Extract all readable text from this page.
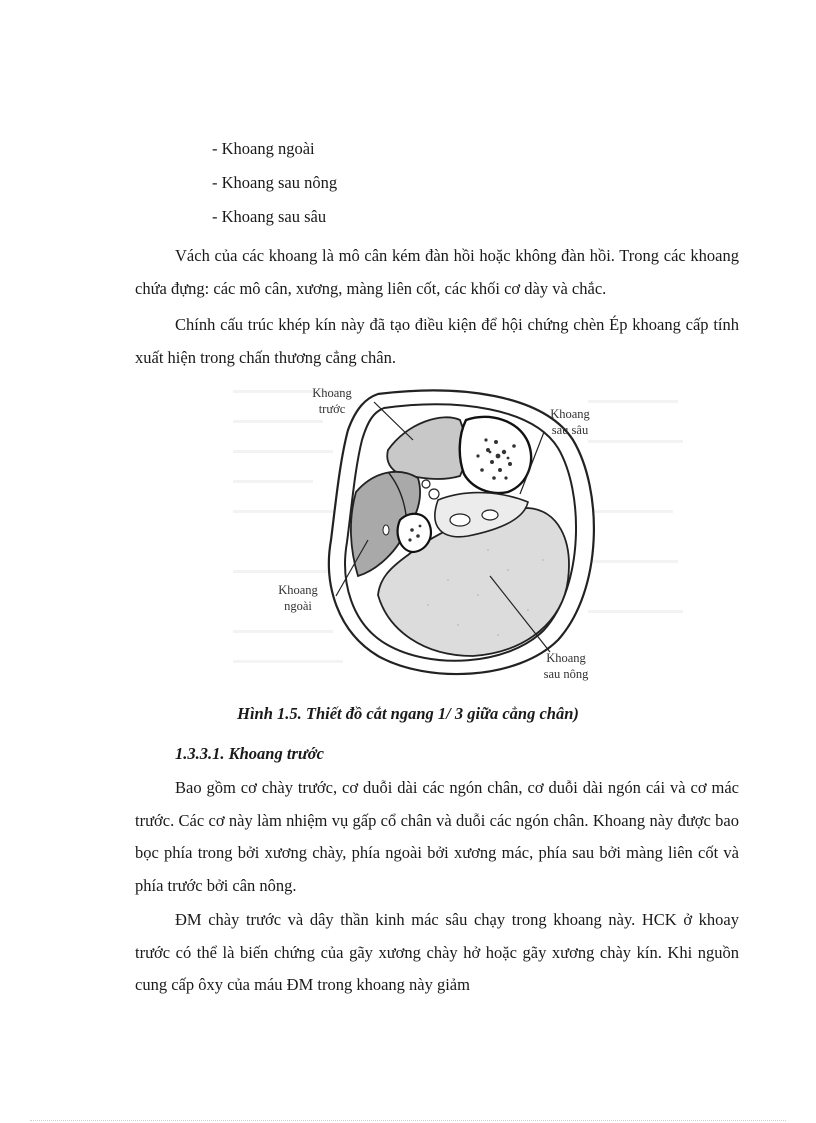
- Khoang ngoài
- Khoang sau nông
- Khoang sau sâu

Vách của các khoang là mô cân kém đàn hồi hoặc không đàn hồi. Trong các khoang chứa đựng: các mô cân, xương, màng liên cốt, các khối cơ dày và chắc.

Chính cấu trúc khép kín này đã tạo điều kiện để hội chứng chèn Ép khoang cấp tính xuất hiện trong chấn thương cẳng chân.

Khoang
trước	Khoang
sau sâu
Khoang
ngoài
Khoang
sau nông
Hình 1.5. Thiết đồ cắt ngang 1/ 3 giữa cẳng chân)
1.3.3.1. Khoang trước

Bao gồm cơ chày trước, cơ duỗi dài các ngón chân, cơ duỗi dài ngón cái và cơ mác trước. Các cơ này làm nhiệm vụ gấp cổ chân và duỗi các ngón chân. Khoang này được bao bọc phía trong bởi xương chày, phía ngoài bởi xương mác, phía sau bởi màng liên cốt và phía trước bởi cân nông.

ĐM chày trước và dây thần kinh mác sâu chạy trong khoang này. HCK ở khoay trước có thể là biến chứng của gãy xương chày hở hoặc gãy xương chày kín. Khi nguồn cung cấp ôxy của máu ĐM trong khoang này giảm
